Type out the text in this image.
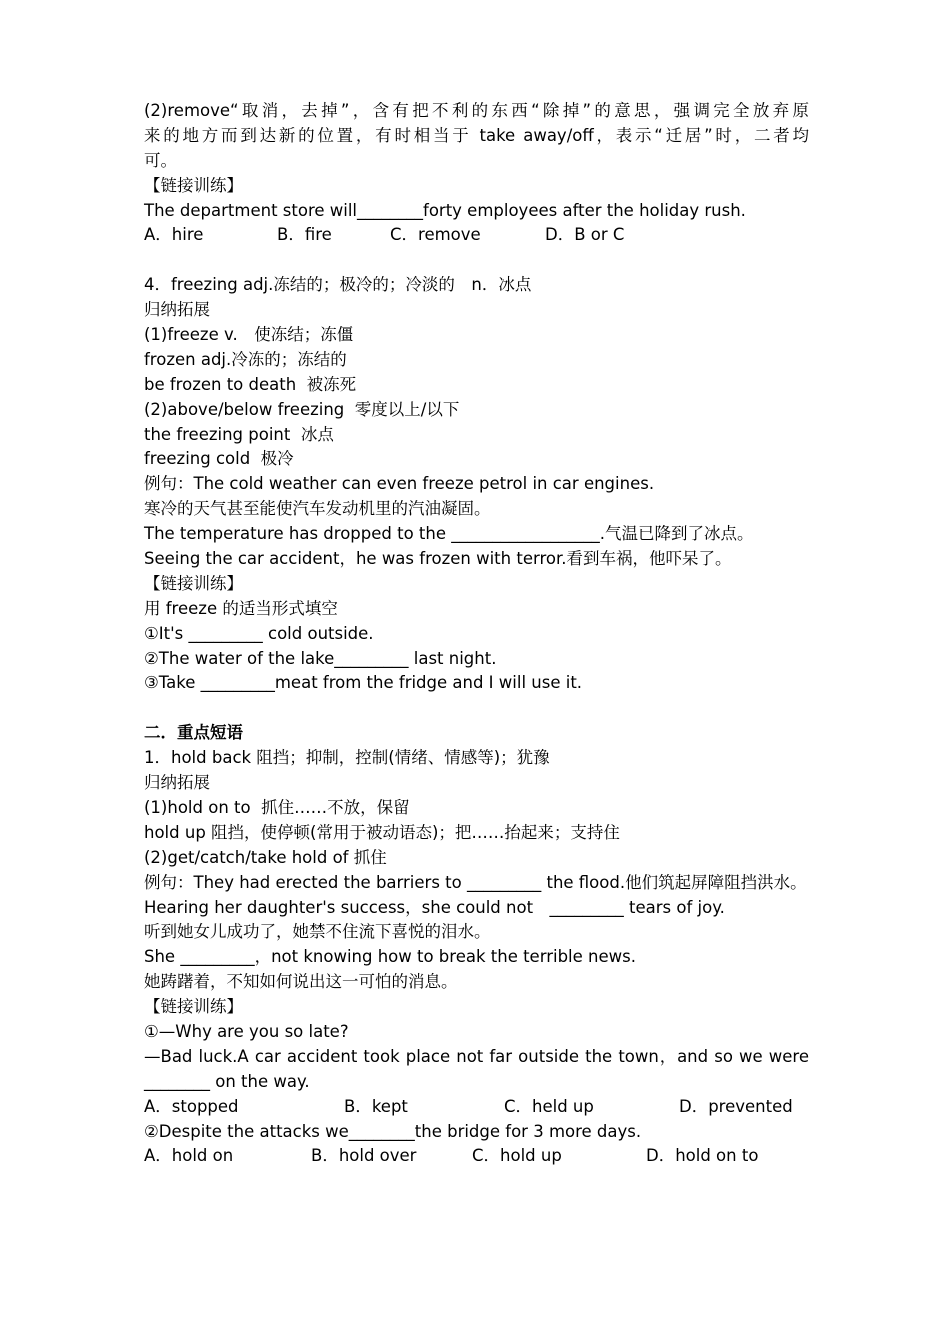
(2)remove“取消，去掉”，含有把不利的东西“除掉”的意思，强调完全放弃原
来的地方而到达新的位置，有时相当于 take away/off，表示“迁居”时，二者均
可。
【链接训练】
The department store will________forty employees after the holiday rush.
A．hire	B．fire	C．remove	D．B or C
4．freezing adj.冻结的；极冷的；冷淡的　n．冰点
归纳拓展
(1)freeze v.　使冻结；冻僵
frozen adj.冷冻的；冻结的
be frozen to death  被冻死
(2)above/below freezing  零度以上/以下
the freezing point  冰点
freezing cold  极冷
例句：The cold weather can even freeze petrol in car engines.
寒冷的天气甚至能使汽车发动机里的汽油凝固。
The temperature has dropped to the __________________.气温已降到了冰点。
Seeing the car accident，he was frozen with terror.看到车祸，他吓呆了。
【链接训练】
用 freeze 的适当形式填空
①It's _________ cold outside.
②The water of the lake_________ last night.
③Take _________meat from the fridge and I will use it.
二．重点短语
1．hold back 阻挡；抑制，控制(情绪、情感等)；犹豫
归纳拓展
(1)hold on to  抓住……不放，保留
hold up 阻挡，使停顿(常用于被动语态)；把……抬起来；支持住
(2)get/catch/take hold of 抓住
例句：They had erected the barriers to _________ the flood.他们筑起屏障阻挡洪水。
Hearing her daughter's success，she could not　_________ tears of joy.
听到她女儿成功了，她禁不住流下喜悦的泪水。
She _________，not knowing how to break the terrible news.
她踌躇着，不知如何说出这一可怕的消息。
【链接训练】
①—Why are you so late?
—Bad luck.A car accident took place not far outside the town，and so we were
________ on the way.
A．stopped	B．kept	C．held up	D．prevented
②Despite the attacks we________the bridge for 3 more days.
A．hold on	B．hold over	C．hold up	D．hold on to
